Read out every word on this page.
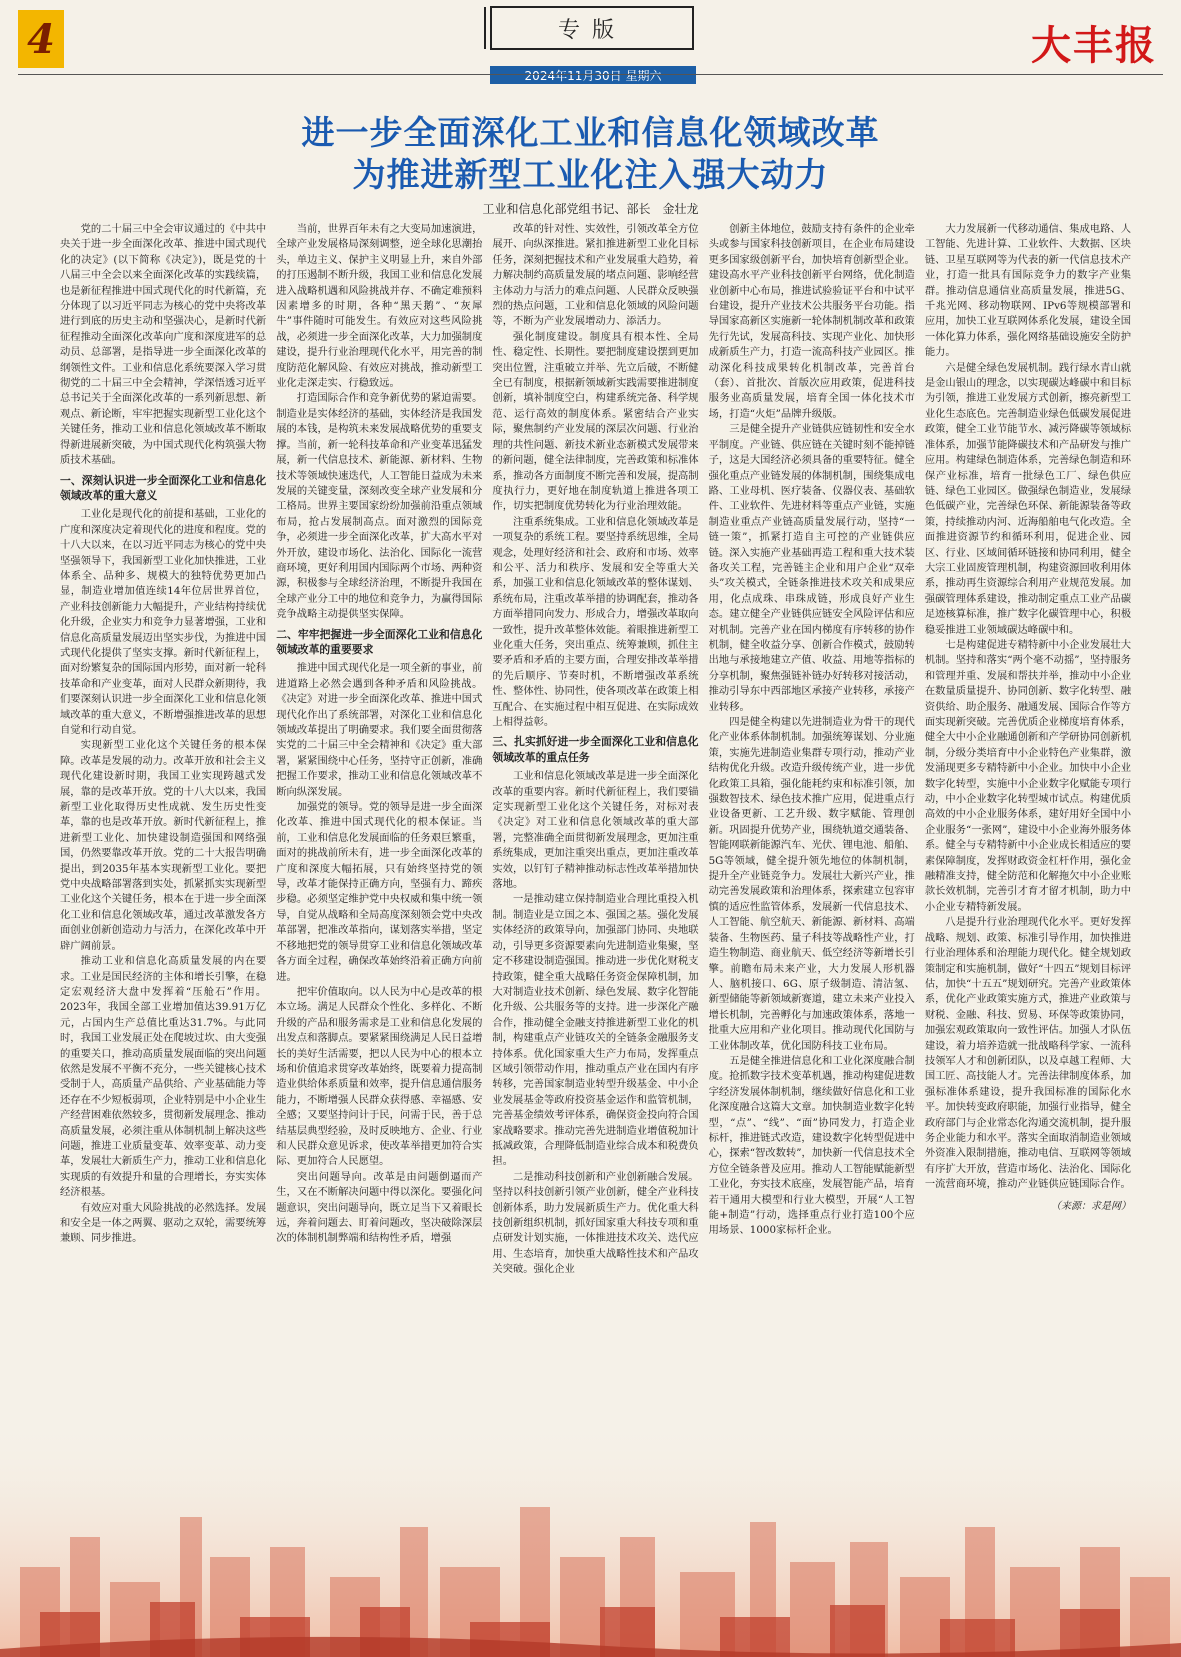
4	专版
2024年11月30日 星期六
大丰报
进一步全面深化工业和信息化领域改革
为推进新型工业化注入强大动力
工业和信息化部党组书记、部长　金壮龙

党的二十届三中全会审议通过的《中共中央关于进一步全面深化改革、推进中国式现代化的决定》(以下简称《决定》)，既是党的十八届三中全会以来全面深化改革的实践续篇，也是新征程推进中国式现代化的时代新篇，充分体现了以习近平同志为核心的党中央将改革进行到底的历史主动和坚强决心，是新时代新征程推动全面深化改革向广度和深度进军的总动员、总部署，是指导进一步全面深化改革的纲领性文件。工业和信息化系统要深入学习贯彻党的二十届三中全会精神，学深悟透习近平总书记关于全面深化改革的一系列新思想、新观点、新论断，牢牢把握实现新型工业化这个关键任务，推动工业和信息化领域改革不断取得新进展新突破，为中国式现代化构筑强大物质技术基础。

一、深刻认识进一步全面深化工业和信息化领域改革的重大意义

工业化是现代化的前提和基础，工业化的广度和深度决定着现代化的进度和程度。党的十八大以来，在以习近平同志为核心的党中央坚强领导下，我国新型工业化加快推进，工业体系全、品种多、规模大的独特优势更加凸显，制造业增加值连续14年位居世界首位，产业科技创新能力大幅提升，产业结构持续优化升级，企业实力和竞争力显著增强，工业和信息化高质量发展迈出坚实步伐，为推进中国式现代化提供了坚实支撑。新时代新征程上，面对纷繁复杂的国际国内形势，面对新一轮科技革命和产业变革，面对人民群众新期待，我们要深刻认识进一步全面深化工业和信息化领域改革的重大意义，不断增强推进改革的思想自觉和行动自觉。

实现新型工业化这个关键任务的根本保障。改革是发展的动力。改革开放和社会主义现代化建设新时期，我国工业实现跨越式发展，靠的是改革开放。党的十八大以来，我国新型工业化取得历史性成就、发生历史性变革，靠的也是改革开放。新时代新征程上，推进新型工业化、加快建设制造强国和网络强国，仍然要靠改革开放。党的二十大报告明确提出，到2035年基本实现新型工业化。要把党中央战略部署落到实处，抓紧抓实实现新型工业化这个关键任务，根本在于进一步全面深化工业和信息化领域改革，通过改革激发各方面创业创新创造动力与活力，在深化改革中开辟广阔前景。

推动工业和信息化高质量发展的内在要求。工业是国民经济的主体和增长引擎，在稳定宏观经济大盘中发挥着“压舱石”作用。2023年，我国全部工业增加值达39.91万亿元，占国内生产总值比重达31.7%。与此同时，我国工业发展正处在爬坡过坎、由大变强的重要关口，推动高质量发展面临的突出问题依然是发展不平衡不充分，一些关键核心技术受制于人，高质量产品供给、产业基础能力等还存在不少短板弱项，企业特别是中小企业生产经营困难依然较多，贯彻新发展理念、推动高质量发展，必须注重从体制机制上解决这些问题，推进工业质量变革、效率变革、动力变革，发展壮大新质生产力，推动工业和信息化实现质的有效提升和量的合理增长，夯实实体经济根基。

有效应对重大风险挑战的必然选择。发展和安全是一体之两翼、驱动之双轮，需要统筹兼顾、同步推进。

当前，世界百年未有之大变局加速演进，全球产业发展格局深刻调整，逆全球化思潮抬头，单边主义、保护主义明显上升，来自外部的打压遏制不断升级，我国工业和信息化发展进入战略机遇和风险挑战并存、不确定难预料因素增多的时期，各种“黑天鹅”、“灰犀牛”事件随时可能发生。有效应对这些风险挑战，必须进一步全面深化改革，大力加强制度建设，提升行业治理现代化水平，用完善的制度防范化解风险、有效应对挑战，推动新型工业化走深走实、行稳致远。

打造国际合作和竞争新优势的紧迫需要。制造业是实体经济的基础，实体经济是我国发展的本钱，是构筑未来发展战略优势的重要支撑。当前，新一轮科技革命和产业变革迅猛发展，新一代信息技术、新能源、新材料、生物技术等领域快速迭代，人工智能日益成为未来发展的关键变量，深刻改变全球产业发展和分工格局。世界主要国家纷纷加强前沿重点领域布局，抢占发展制高点。面对激烈的国际竞争，必须进一步全面深化改革，扩大高水平对外开放，建设市场化、法治化、国际化一流营商环境，更好利用国内国际两个市场、两种资源，积极参与全球经济治理，不断提升我国在全球产业分工中的地位和竞争力，为赢得国际竞争战略主动提供坚实保障。

二、牢牢把握进一步全面深化工业和信息化领域改革的重要要求

推进中国式现代化是一项全新的事业，前进道路上必然会遇到各种矛盾和风险挑战。《决定》对进一步全面深化改革、推进中国式现代化作出了系统部署，对深化工业和信息化领域改革提出了明确要求。我们要全面贯彻落实党的二十届三中全会精神和《决定》重大部署，紧紧围绕中心任务，坚持守正创新，准确把握工作要求，推动工业和信息化领域改革不断向纵深发展。

加强党的领导。党的领导是进一步全面深化改革、推进中国式现代化的根本保证。当前，工业和信息化发展面临的任务艰巨繁重，面对的挑战前所未有，进一步全面深化改革的广度和深度大幅拓展，只有始终坚持党的领导，改革才能保持正确方向，坚强有力、蹄疾步稳。必须坚定维护党中央权威和集中统一领导，自觉从战略和全局高度深刻领会党中央改革部署，把准改革指向，谋划落实举措，坚定不移地把党的领导贯穿工业和信息化领域改革各方面全过程，确保改革始终沿着正确方向前进。

把牢价值取向。以人民为中心是改革的根本立场。满足人民群众个性化、多样化、不断升级的产品和服务需求是工业和信息化发展的出发点和落脚点。要紧紧围绕满足人民日益增长的美好生活需要，把以人民为中心的根本立场和价值追求贯穿改革始终，既要着力提高制造业供给体系质量和效率，提升信息通信服务能力，不断增强人民群众获得感、幸福感、安全感；又要坚持问计于民，问需于民，善于总结基层典型经验，及时反映地方、企业、行业和人民群众意见诉求，使改革举措更加符合实际、更加符合人民愿望。

突出问题导向。改革是由问题倒逼而产生，又在不断解决问题中得以深化。要强化问题意识，突出问题导向，既立足当下又着眼长远，奔着问题去、盯着问题改，坚决破除深层次的体制机制弊端和结构性矛盾，增强

改革的针对性、实效性，引领改革全方位展开、向纵深推进。紧扣推进新型工业化目标任务，深刻把握技术和产业发展重大趋势，着力解决制约高质量发展的堵点问题、影响经营主体动力与活力的难点问题、人民群众反映强烈的热点问题，工业和信息化领域的风险问题等，不断为产业发展增动力、添活力。

强化制度建设。制度具有根本性、全局性、稳定性、长期性。要把制度建设摆到更加突出位置，注重破立并举、先立后破，不断健全已有制度，根据新领域新实践需要推进制度创新，填补制度空白，构建系统完备、科学规范、运行高效的制度体系。紧密结合产业实际，聚焦制约产业发展的深层次问题、行业治理的共性问题、新技术新业态新模式发展带来的新问题，健全法律制度，完善政策和标准体系，推动各方面制度不断完善和发展，提高制度执行力，更好地在制度轨道上推进各项工作，切实把制度优势转化为行业治理效能。

注重系统集成。工业和信息化领域改革是一项复杂的系统工程。要坚持系统思维，全局观念，处理好经济和社会、政府和市场、效率和公平、活力和秩序、发展和安全等重大关系，加强工业和信息化领域改革的整体谋划、系统布局，注重改革举措的协调配套，推动各方面举措同向发力、形成合力，增强改革取向一致性，提升改革整体效能。着眼推进新型工业化重大任务，突出重点、统筹兼顾，抓住主要矛盾和矛盾的主要方面，合理安排改革举措的先后顺序、节奏时机，不断增强改革系统性、整体性、协同性，使各项改革在政策上相互配合、在实施过程中相互促进、在实际成效上相得益彰。

三、扎实抓好进一步全面深化工业和信息化领域改革的重点任务

工业和信息化领域改革是进一步全面深化改革的重要内容。新时代新征程上，我们要锚定实现新型工业化这个关键任务，对标对表《决定》对工业和信息化领域改革的重大部署，完整准确全面贯彻新发展理念，更加注重系统集成，更加注重突出重点，更加注重改革实效，以钉钉子精神推动标志性改革举措加快落地。

一是推动建立保持制造业合理比重投入机制。制造业是立国之本、强国之基。强化发展实体经济的政策导向，加强部门协同、央地联动，引导更多资源要素向先进制造业集聚，坚定不移建设制造强国。推动进一步优化财税支持政策，健全重大战略任务资金保障机制，加大对制造业技术创新、绿色发展、数字化智能化升级、公共服务等的支持。进一步深化产融合作，推动健全金融支持推进新型工业化的机制，构建重点产业链攻关的全链条金融服务支持体系。优化国家重大生产力布局，发挥重点区域引领带动作用，推动重点产业在国内有序转移，完善国家制造业转型升级基金、中小企业发展基金等政府投资基金运作和监管机制，完善基金绩效考评体系，确保资金投向符合国家战略要求。推动完善先进制造业增值税加计抵减政策，合理降低制造业综合成本和税费负担。

二是推动科技创新和产业创新融合发展。坚持以科技创新引领产业创新，健全产业科技创新体系，助力发展新质生产力。优化重大科技创新组织机制，抓好国家重大科技专项和重点研发计划实施，一体推进技术攻关、迭代应用、生态培育，加快重大战略性技术和产品攻关突破。强化企业

创新主体地位，鼓励支持有条件的企业牵头或参与国家科技创新项目，在企业布局建设更多国家级创新平台，加快培育创新型企业。建设高水平产业科技创新平台网络，优化制造业创新中心布局，推进试验验证平台和中试平台建设，提升产业技术公共服务平台功能。指导国家高新区实施新一轮体制机制改革和政策先行先试，发展高科技、实现产业化、加快形成新质生产力，打造一流高科技产业园区。推动深化科技成果转化机制改革，完善首台（套）、首批次、首版次应用政策，促进科技服务业高质量发展，培育全国一体化技术市场，打造“火炬”品牌升级版。

三是健全提升产业链供应链韧性和安全水平制度。产业链、供应链在关键时刻不能掉链子，这是大国经济必须具备的重要特征。健全强化重点产业链发展的体制机制，围绕集成电路、工业母机、医疗装备、仪器仪表、基础软件、工业软件、先进材料等重点产业链，实施制造业重点产业链高质量发展行动，坚持“一链一策”，抓紧打造自主可控的产业链供应链。深入实施产业基础再造工程和重大技术装备攻关工程，完善链主企业和用户企业“双牵头”攻关模式，全链条推进技术攻关和成果应用，化点成珠、串珠成链，形成良好产业生态。建立健全产业链供应链安全风险评估和应对机制。完善产业在国内梯度有序转移的协作机制，健全收益分享、创新合作模式，鼓励转出地与承接地建立产值、收益、用地等指标的分享机制，聚焦强链补链办好转移对接活动，推动引导东中西部地区承接产业转移，承接产业转移。

四是健全构建以先进制造业为骨干的现代化产业体系体制机制。加强统筹谋划、分业施策，实施先进制造业集群专项行动，推动产业结构优化升级。改造升级传统产业，进一步优化政策工具箱，强化能耗约束和标准引领，加强数智技术、绿色技术推广应用，促进重点行业设备更新、工艺升级、数字赋能、管理创新。巩固提升优势产业，围绕轨道交通装备、智能网联新能源汽车、光伏、锂电池、船舶、5G等领域，健全提升领先地位的体制机制，提升全产业链竞争力。发展壮大新兴产业，推动完善发展政策和治理体系，探索建立包容审慎的适应性监管体系，发展新一代信息技术、人工智能、航空航天、新能源、新材料、高端装备、生物医药、量子科技等战略性产业，打造生物制造、商业航天、低空经济等新增长引擎。前瞻布局未来产业，大力发展人形机器人、脑机接口、6G、原子级制造、清洁氢、新型储能等新领域新赛道，建立未来产业投入增长机制，完善孵化与加速政策体系，落地一批重大应用和产业化项目。推动现代化国防与工业体制改革，优化国防科技工业布局。

五是健全推进信息化和工业化深度融合制度。抢抓数字技术变革机遇，推动构建促进数字经济发展体制机制，继续做好信息化和工业化深度融合这篇大文章。加快制造业数字化转型，“点”、“线”、“面”协同发力，打造企业标杆，推进链式改造，建设数字化转型促进中心，探索“智改数转”，加快新一代信息技术全方位全链条普及应用。推动人工智能赋能新型工业化，夯实技术底座，发展智能产品，培育若干通用大模型和行业大模型，开展“人工智能+制造”行动，选择重点行业打造100个应用场景、1000家标杆企业。

大力发展新一代移动通信、集成电路、人工智能、先进计算、工业软件、大数据、区块链、卫星互联网等为代表的新一代信息技术产业，打造一批具有国际竞争力的数字产业集群。推动信息通信业高质量发展，推进5G、千兆光网、移动物联网、IPv6等规模部署和应用，加快工业互联网体系化发展，建设全国一体化算力体系，强化网络基础设施安全防护能力。

六是健全绿色发展机制。践行绿水青山就是金山银山的理念，以实现碳达峰碳中和目标为引领，推进工业发展方式创新，擦亮新型工业化生态底色。完善制造业绿色低碳发展促进政策，健全工业节能节水、减污降碳等领域标准体系，加强节能降碳技术和产品研发与推广应用。构建绿色制造体系，完善绿色制造和环保产业标准，培育一批绿色工厂、绿色供应链、绿色工业园区。做强绿色制造业，发展绿色低碳产业，完善绿色环保、新能源装备等政策，持续推动内河、近海船舶电气化改造。全面推进资源节约和循环利用，促进企业、园区、行业、区域间循环链接和协同利用，健全大宗工业固废管理机制，构建资源回收利用体系，推动再生资源综合利用产业规范发展。加强碳管理体系建设，推动制定重点工业产品碳足迹核算标准，推广数字化碳管理中心，积极稳妥推进工业领域碳达峰碳中和。

七是构建促进专精特新中小企业发展壮大机制。坚持和落实“两个毫不动摇”，坚持服务和管理并重、发展和帮扶并举，推动中小企业在数量质量提升、协同创新、数字化转型、融资供给、助企服务、融通发展、国际合作等方面实现新突破。完善优质企业梯度培育体系，健全大中小企业融通创新和产学研协同创新机制，分级分类培育中小企业特色产业集群，激发涌现更多专精特新中小企业。加快中小企业数字化转型，实施中小企业数字化赋能专项行动，中小企业数字化转型城市试点。构建优质高效的中小企业服务体系，建好用好全国中小企业服务“一张网”，建设中小企业海外服务体系。健全与专精特新中小企业成长相适应的要素保障制度，发挥财政资金杠杆作用，强化金融精准支持，健全防范和化解拖欠中小企业账款长效机制，完善引才育才留才机制，助力中小企业专精特新发展。

八是提升行业治理现代化水平。更好发挥战略、规划、政策、标准引导作用，加快推进行业治理体系和治理能力现代化。健全规划政策制定和实施机制，做好“十四五”规划目标评估，加快“十五五”规划研究。完善产业政策体系，优化产业政策实施方式，推进产业政策与财税、金融、科技、贸易、环保等政策协同，加强宏观政策取向一致性评估。加强人才队伍建设，着力培养造就一批战略科学家、一流科技领军人才和创新团队，以及卓越工程师、大国工匠、高技能人才。完善法律制度体系，加强标准体系建设，提升我国标准的国际化水平。加快转变政府职能，加强行业指导，健全政府部门与企业常态化沟通交流机制，提升服务企业能力和水平。落实全面取消制造业领域外资准入限制措施，推动电信、互联网等领域有序扩大开放，营造市场化、法治化、国际化一流营商环境，推动产业链供应链国际合作。

（来源：求是网）
